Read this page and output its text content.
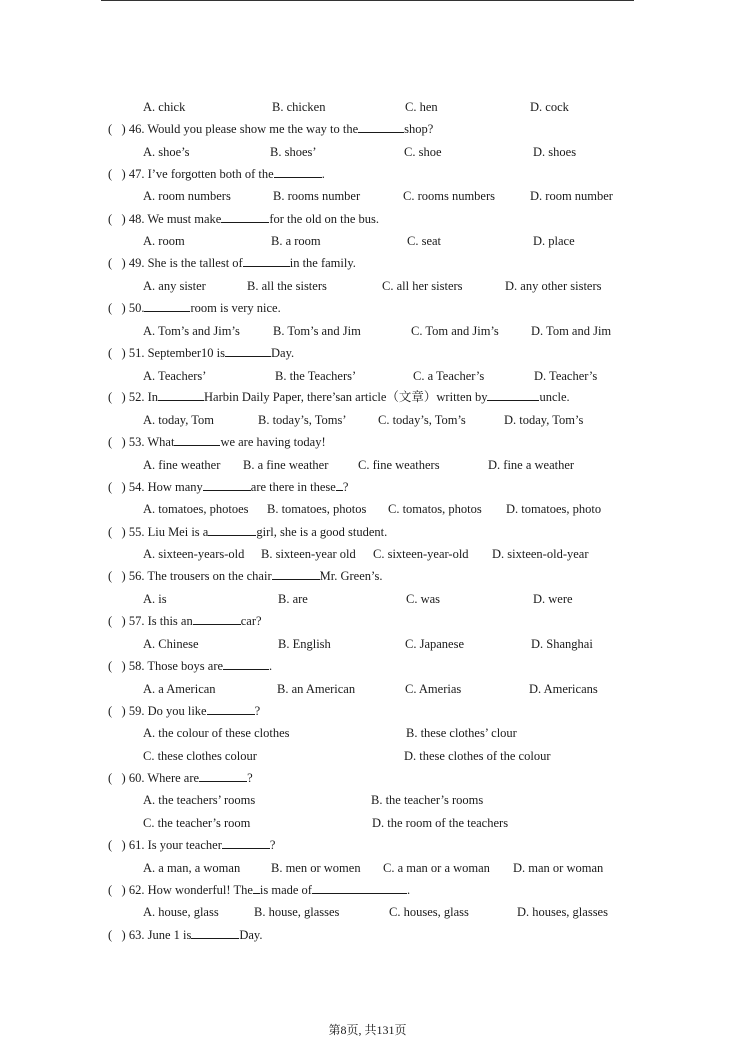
A. chick	B. chicken	C. hen	D. cock
( ) 46. Would you please show me the way to the	shop?
A. shoe’s	B. shoes’	C. shoe	D. shoes
( ) 47. I’ve forgotten both of the	.
A. room numbers	B. rooms number	C. rooms numbers	D. room number
( ) 48. We must make	for the old on the bus.
A. room	B. a room	C. seat	D. place
( ) 49. She is the tallest of	in the family.
A. any sister	B. all the sisters	C. all her sisters	D. any other sisters
( ) 50.	room is very nice.
A. Tom’s and Jim’s	B. Tom’s and Jim	C. Tom and Jim’s	D. Tom and Jim
( ) 51. September10 is	Day.
A. Teachers’	B. the Teachers’	C. a Teacher’s	D. Teacher’s
( ) 52. In	Harbin Daily Paper, there’san article（文章）written by	uncle.
A. today, Tom	B. today’s, Toms’	C. today’s, Tom’s	D. today, Tom’s
( ) 53. What	we are having today!
A. fine weather B. a fine weather C. fine weathers	D. fine a weather
( ) 54. How many	are there in these ?
A. tomatoes, photoes B. tomatoes, photos C. tomatos, photos D. tomatoes, photo
( ) 55. Liu Mei is a	girl, she is a good student.
A. sixteen-years-old B. sixteen-year old C. sixteen-year-old D. sixteen-old-year
( ) 56. The trousers on the chair	Mr. Green’s.
A. is	B. are	C. was	D. were
( ) 57. Is this an	car?
A. Chinese	B. English	C. Japanese	D. Shanghai
( ) 58. Those boys are	.
A. a American	B. an American	C. Amerias	D. Americans
( ) 59. Do you like	?
A. the colour of these clothes	B. these clothes’ clour
C. these clothes colour	D. these clothes of the colour
( ) 60. Where are	?
A. the teachers’ rooms	B. the teacher’s rooms
C. the teacher’s room	D. the room of the teachers
( ) 61. Is your teacher	?
A. a man, a woman B. men or women C. a man or a woman D. man or woman
( ) 62. How wonderful! The is made of	.
A. house, glass	B. house, glasses	C. houses, glass	D. houses, glasses
( ) 63. June 1 is	Day.
第8页, 共131页
